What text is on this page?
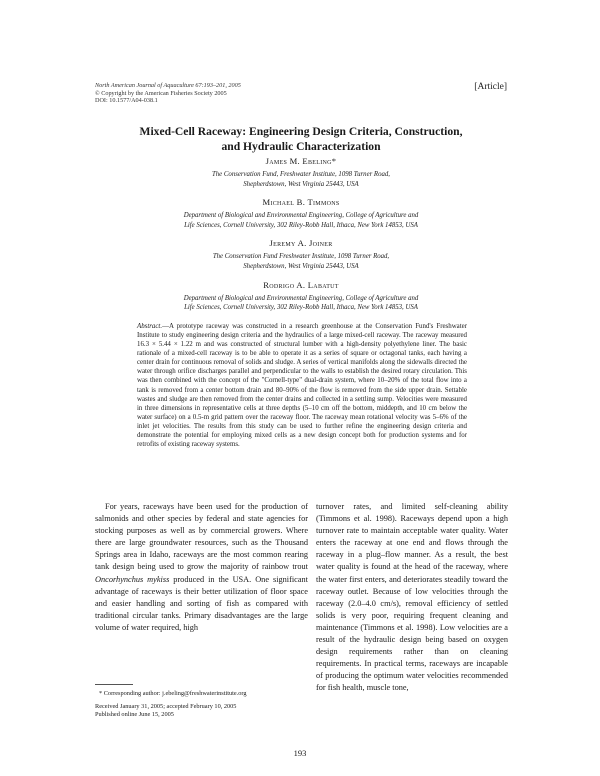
North American Journal of Aquaculture 67:193–201, 2005
© Copyright by the American Fisheries Society 2005
DOI: 10.1577/A04-038.1
[Article]
Mixed-Cell Raceway: Engineering Design Criteria, Construction,
and Hydraulic Characterization
James M. Ebeling*
The Conservation Fund, Freshwater Institute, 1098 Turner Road,
Shepherdstown, West Virginia 25443, USA
Michael B. Timmons
Department of Biological and Environmental Engineering, College of Agriculture and
Life Sciences, Cornell University, 302 Riley-Robb Hall, Ithaca, New York 14853, USA
Jeremy A. Joiner
The Conservation Fund Freshwater Institute, 1098 Turner Road,
Shepherdstown, West Virginia 25443, USA
Rodrigo A. Labatut
Department of Biological and Environmental Engineering, College of Agriculture and
Life Sciences, Cornell University, 302 Riley-Robb Hall, Ithaca, New York 14853, USA
Abstract.—A prototype raceway was constructed in a research greenhouse at the Conservation Fund's Freshwater Institute to study engineering design criteria and the hydraulics of a large mixed-cell raceway. The raceway measured 16.3 × 5.44 × 1.22 m and was constructed of structural lumber with a high-density polyethylene liner. The basic rationale of a mixed-cell raceway is to be able to operate it as a series of square or octagonal tanks, each having a center drain for continuous removal of solids and sludge. A series of vertical manifolds along the sidewalls directed the water through orifice discharges parallel and perpendicular to the walls to establish the desired rotary circulation. This was then combined with the concept of the "Cornell-type" dual-drain system, where 10–20% of the total flow into a tank is removed from a center bottom drain and 80–90% of the flow is removed from the side upper drain. Settable wastes and sludge are then removed from the center drains and collected in a settling sump. Velocities were measured in three dimensions in representative cells at three depths (5–10 cm off the bottom, middepth, and 10 cm below the water surface) on a 0.5-m grid pattern over the raceway floor. The raceway mean rotational velocity was 5–6% of the inlet jet velocities. The results from this study can be used to further refine the engineering design criteria and demonstrate the potential for employing mixed cells as a new design concept both for production systems and for retrofits of existing raceway systems.

For years, raceways have been used for the production of salmonids and other species by federal and state agencies for stocking purposes as well as by commercial growers. Where there are large groundwater resources, such as the Thousand Springs area in Idaho, raceways are the most common rearing tank design being used to grow the majority of rainbow trout Oncorhynchus mykiss produced in the USA. One significant advantage of raceways is their better utilization of floor space and easier handling and sorting of fish as compared with traditional circular tanks. Primary disadvantages are the large volume of water required, high

turnover rates, and limited self-cleaning ability (Timmons et al. 1998). Raceways depend upon a high turnover rate to maintain acceptable water quality. Water enters the raceway at one end and flows through the raceway in a plug–flow manner. As a result, the best water quality is found at the head of the raceway, where the water first enters, and deteriorates steadily toward the raceway outlet. Because of low velocities through the raceway (2.0–4.0 cm/s), removal efficiency of settled solids is very poor, requiring frequent cleaning and maintenance (Timmons et al. 1998). Low velocities are a result of the hydraulic design being based on oxygen design requirements rather than on cleaning requirements. In practical terms, raceways are incapable of producing the optimum water velocities recommended for fish health, muscle tone,

* Corresponding author: j.ebeling@freshwaterinstitute.org
Received January 31, 2005; accepted February 10, 2005
Published online June 15, 2005
193
